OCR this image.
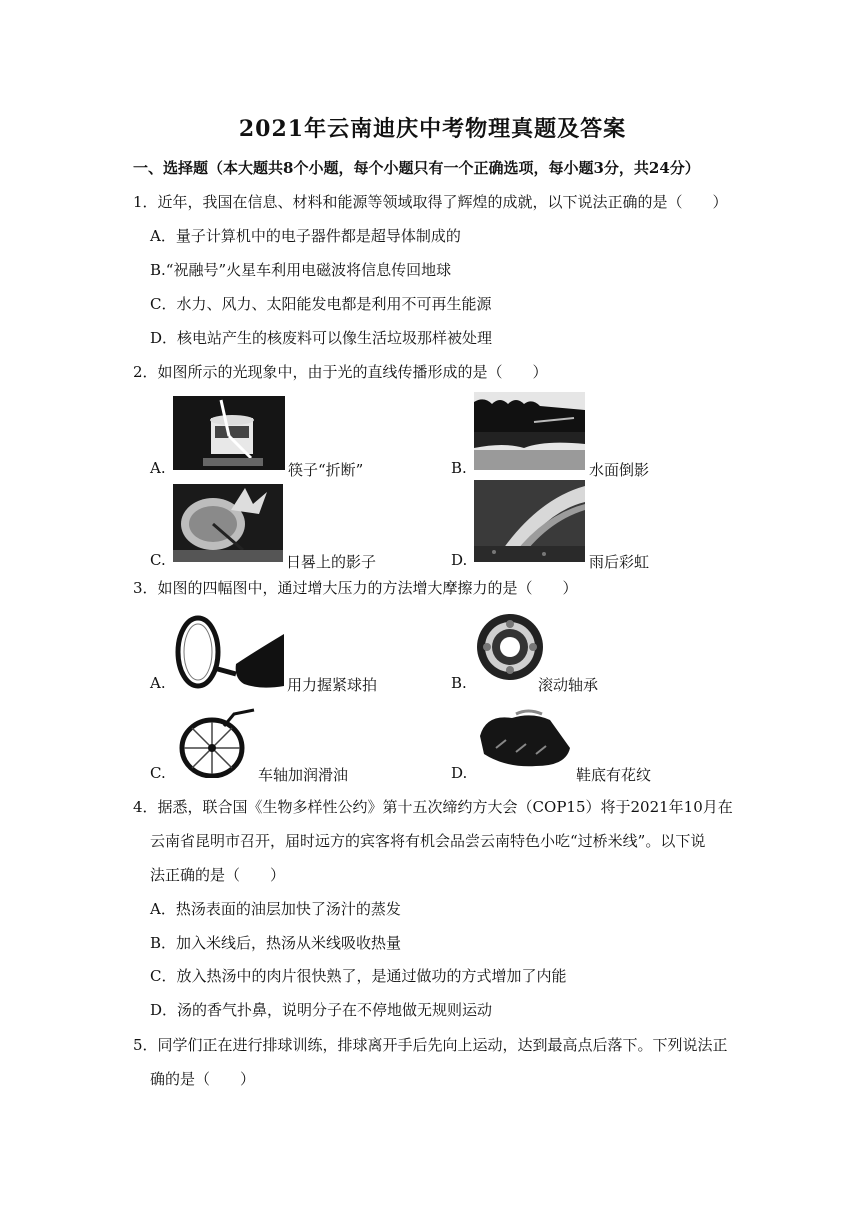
2021年云南迪庆中考物理真题及答案
一、选择题（本大题共8个小题，每个小题只有一个正确选项，每小题3分，共24分）
1．近年，我国在信息、材料和能源等领域取得了辉煌的成就，以下说法正确的是（　　）
A．量子计算机中的电子器件都是超导体制成的
B.“祝融号”火星车利用电磁波将信息传回地球
C．水力、风力、太阳能发电都是利用不可再生能源
D．核电站产生的核废料可以像生活垃圾那样被处理
2．如图所示的光现象中，由于光的直线传播形成的是（　　）
A.	筷子“折断”	B.	水面倒影
C.	日晷上的影子	D.	雨后彩虹
3．如图的四幅图中，通过增大压力的方法增大摩擦力的是（　　）
A.	用力握紧球拍	B.	滚动轴承
C.	车轴加润滑油	D.	鞋底有花纹
4．据悉，联合国《生物多样性公约》第十五次缔约方大会（COP15）将于2021年10月在
云南省昆明市召开，届时远方的宾客将有机会品尝云南特色小吃“过桥米线”。以下说
法正确的是（　　）
A．热汤表面的油层加快了汤汁的蒸发
B．加入米线后，热汤从米线吸收热量
C．放入热汤中的肉片很快熟了，是通过做功的方式增加了内能
D．汤的香气扑鼻，说明分子在不停地做无规则运动
5．同学们正在进行排球训练，排球离开手后先向上运动，达到最高点后落下。下列说法正
确的是（　　）
